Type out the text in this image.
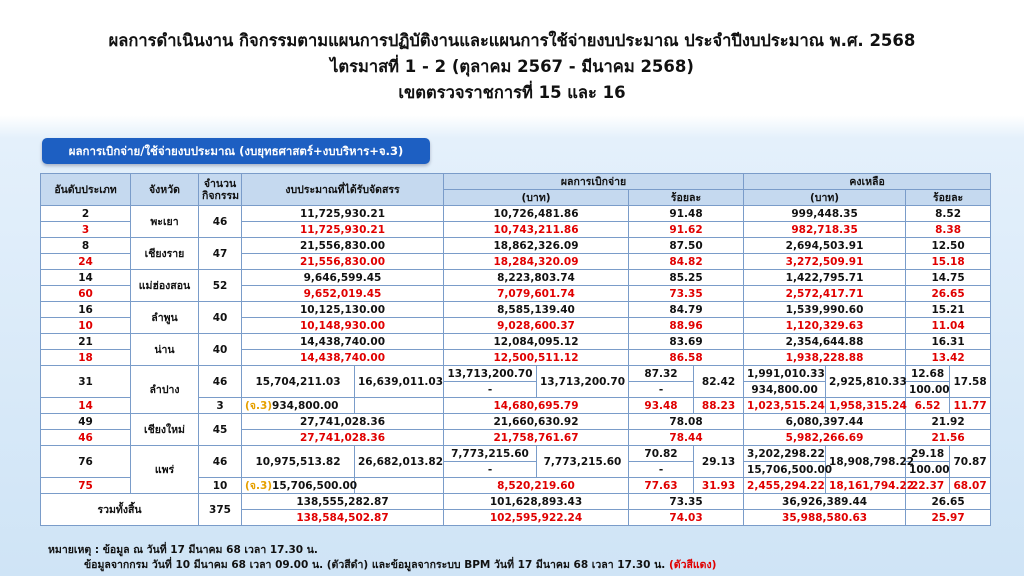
ผลการดำเนินงาน กิจกรรมตามแผนการปฏิบัติงานและแผนการใช้จ่ายงบประมาณ ประจำปีงบประมาณ พ.ศ. 2568
ไตรมาสที่ 1 - 2 (ตุลาคม 2567 - มีนาคม 2568)
เขตตรวจราชการที่ 15 และ 16
ผลการเบิกจ่าย/ใช้จ่ายงบประมาณ (งบยุทธศาสตร์+งบบริหาร+จ.3)
อันดับประเภท	จังหวัด	จำนวนกิจกรรม	งบประมาณที่ได้รับจัดสรร		ผลการเบิกจ่าย				คงเหลือ			
					(บาท)		ร้อยละ		(บาท)		ร้อยละ	
2	พะเยา	46	11,725,930.21		10,726,481.86		91.48		999,448.35		8.52	
3			11,725,930.21		10,743,211.86		91.62		982,718.35		8.38	
8	เชียงราย	47	21,556,830.00		18,862,326.09		87.50		2,694,503.91		12.50	
24			21,556,830.00		18,284,320.09		84.82		3,272,509.91		15.18	
14	แม่ฮ่องสอน	52	9,646,599.45		8,223,803.74		85.25		1,422,795.71		14.75	
60			9,652,019.45		7,079,601.74		73.35		2,572,417.71		26.65	
16	ลำพูน	40	10,125,130.00		8,585,139.40		84.79		1,539,990.60		15.21	
10			10,148,930.00		9,028,600.37		88.96		1,120,329.63		11.04	
21	น่าน	40	14,438,740.00		12,084,095.12		83.69		2,354,644.88		16.31	
18			14,438,740.00		12,500,511.12		86.58		1,938,228.88		13.42	
31	ลำปาง	46	15,704,211.03	16,639,011.03	13,713,200.70	13,713,200.70	87.32	82.42	1,991,010.33	2,925,810.33	12.68	17.58
					-		-		934,800.00		100.00	
14		3	(จ.3)934,800.00		14,680,695.79		93.48	88.23	1,023,515.24	1,958,315.24	6.52	11.77
49	เชียงใหม่	45	27,741,028.36		21,660,630.92		78.08		6,080,397.44		21.92	
46			27,741,028.36		21,758,761.67		78.44		5,982,266.69		21.56	
76	แพร่	46	10,975,513.82	26,682,013.82	7,773,215.60	7,773,215.60	70.82	29.13	3,202,298.22	18,908,798.22	29.18	70.87
					-		-		15,706,500.00		100.00	
75		10	(จ.3)15,706,500.00		8,520,219.60		77.63	31.93	2,455,294.22	18,161,794.22	22.37	68.07
รวมทั้งสิ้น		375	138,555,282.87		101,628,893.43		73.35		36,926,389.44		26.65	
			138,584,502.87		102,595,922.24		74.03		35,988,580.63		25.97	
หมายเหตุ : ข้อมูล ณ วันที่ 17 มีนาคม 68 เวลา 17.30 น.
ข้อมูลจากกรม วันที่ 10 มีนาคม 68 เวลา 09.00 น. (ตัวสีดำ) และข้อมูลจากระบบ BPM วันที่ 17 มีนาคม 68 เวลา 17.30 น. (ตัวสีแดง)
